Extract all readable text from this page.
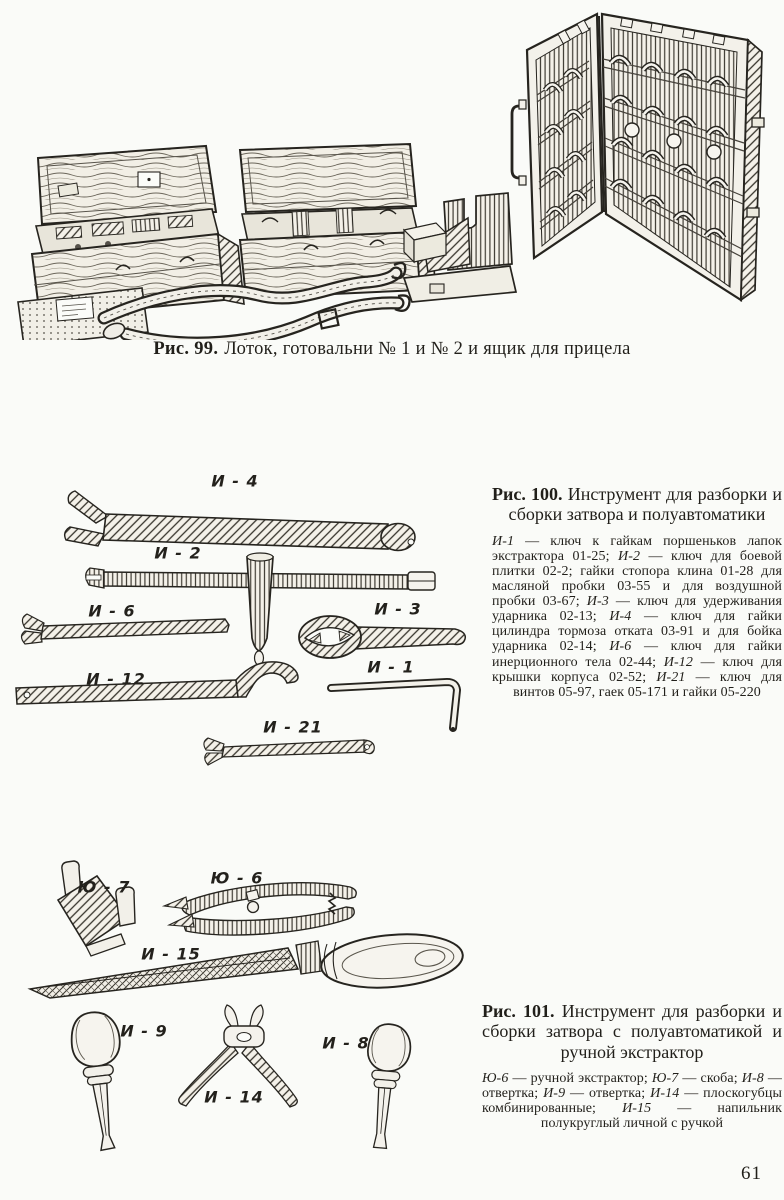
Рис. 99. Лоток, готовальни № 1 и № 2 и ящик для прицела
И - 4
И - 2
И - 6	И - 3
И - 12
И - 1
И - 21
Ю - 7	Ю - 6
И - 15
И - 9
И - 14
И - 8
Рис. 100. Инструмент для разборки и сборки затвора и полуавтоматики

И-1 — ключ к гайкам поршеньков лапок экстрактора 01-25; И-2 — ключ для боевой плитки 02-2; гайки стопора клина 01-28 для масляной пробки 03-55 и для воздушной пробки 03-67; И-3 — ключ для удерживания ударника 02-13; И-4 — ключ для гайки цилиндра тормоза отката 03-91 и для бойка ударника 02-14; И-6 — ключ для гайки инерционного тела 02-44; И-12 — ключ для крышки корпуса 02-52; И-21 — ключ для винтов 05-97, гаек 05-171 и гайки 05-220

Рис. 101. Инструмент для разборки и сборки затвора с полуавтоматикой и ручной экстрактор

Ю-6 — ручной экстрактор; Ю-7 — скоба; И-8 — отвертка; И-9 — отвертка; И-14 — плоскогубцы комбинированные; И-15 — напильник полукруглый личной с ручкой

61
